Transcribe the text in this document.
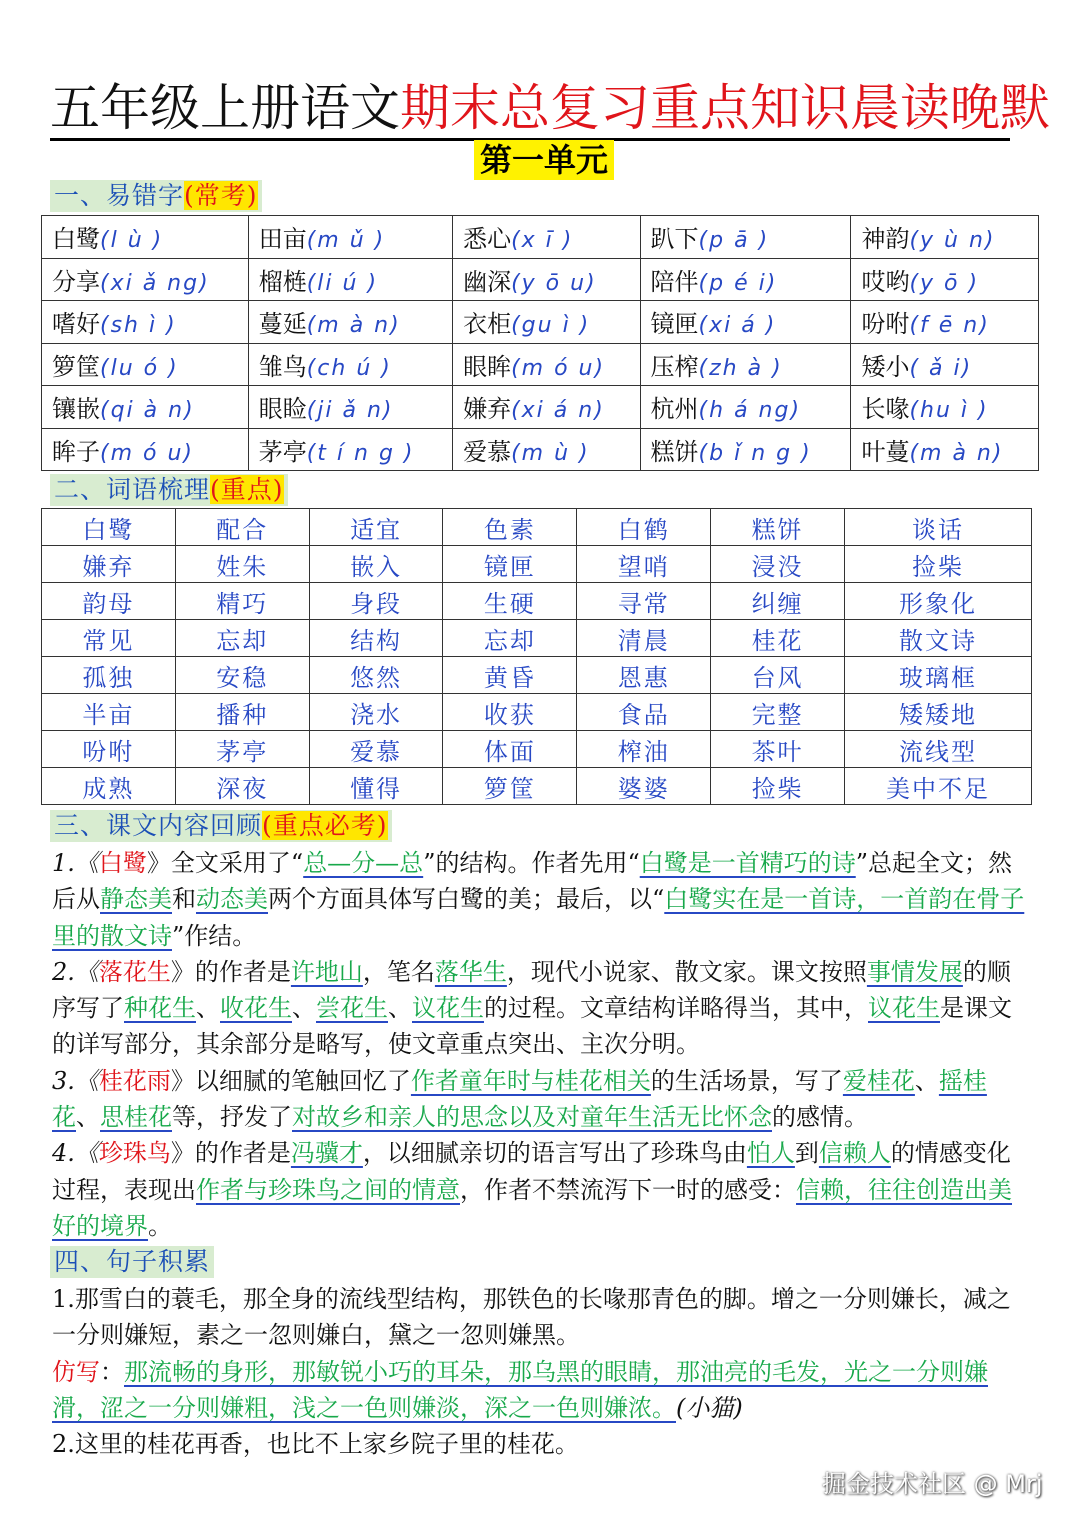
五年级上册语文期末总复习重点知识晨读晚默
第一单元
一、易错字(常考)
白鹭(l ù )	田亩(m ǔ )	悉心(x ī )	趴下(p ā )	神韵(y ù n)
分享(xi ǎ ng)	榴梿(li ú )	幽深(y ō u)	陪伴(p é i)	哎哟(y ō )
嗜好(sh ì )	蔓延(m à n)	衣柜(gu ì )	镜匣(xi á )	吩咐(f ē n)
箩筐(lu ó )	雏鸟(ch ú )	眼眸(m ó u)	压榨(zh à )	矮小( ǎ i)
镶嵌(qi à n)	眼睑(ji ǎ n)	嫌弃(xi á n)	杭州(h á ng)	长喙(hu ì )
眸子(m ó u)	茅亭(t í n g )	爱慕(m ù )	糕饼(b ǐ n g )	叶蔓(m à n)
二、词语梳理(重点)
白鹭	配合	适宜	色素	白鹤	糕饼	谈话
嫌弃	姓朱	嵌入	镜匣	望哨	浸没	捡柴
韵母	精巧	身段	生硬	寻常	纠缠	形象化
常见	忘却	结构	忘却	清晨	桂花	散文诗
孤独	安稳	悠然	黄昏	恩惠	台风	玻璃框
半亩	播种	浇水	收获	食品	完整	矮矮地
吩咐	茅亭	爱慕	体面	榨油	茶叶	流线型
成熟	深夜	懂得	箩筐	婆婆	捡柴	美中不足
三、课文内容回顾(重点必考)

1.《白鹭》全文采用了“总—分—总”的结构。作者先用“白鹭是一首精巧的诗”总起全文；然后从静态美和动态美两个方面具体写白鹭的美；最后，以“白鹭实在是一首诗，一首韵在骨子里的散文诗”作结。

2.《落花生》的作者是许地山，笔名落华生，现代小说家、散文家。课文按照事情发展的顺序写了种花生、收花生、尝花生、议花生的过程。文章结构详略得当，其中，议花生是课文的详写部分，其余部分是略写，使文章重点突出、主次分明。

3.《桂花雨》以细腻的笔触回忆了作者童年时与桂花相关的生活场景，写了爱桂花、摇桂花、思桂花等，抒发了对故乡和亲人的思念以及对童年生活无比怀念的感情。

4.《珍珠鸟》的作者是冯骥才，以细腻亲切的语言写出了珍珠鸟由怕人到信赖人的情感变化过程，表现出作者与珍珠鸟之间的情意，作者不禁流泻下一时的感受：信赖，往往创造出美好的境界。

四、句子积累

1.那雪白的蓑毛，那全身的流线型结构，那铁色的长喙那青色的脚。增之一分则嫌长，减之一分则嫌短，素之一忽则嫌白，黛之一忽则嫌黑。

仿写：那流畅的身形，那敏锐小巧的耳朵，那乌黑的眼睛，那油亮的毛发，光之一分则嫌滑，涩之一分则嫌粗，浅之一色则嫌淡，深之一色则嫌浓。(小猫)

2.这里的桂花再香，也比不上家乡院子里的桂花。

掘金技术社区 @ Mrj
